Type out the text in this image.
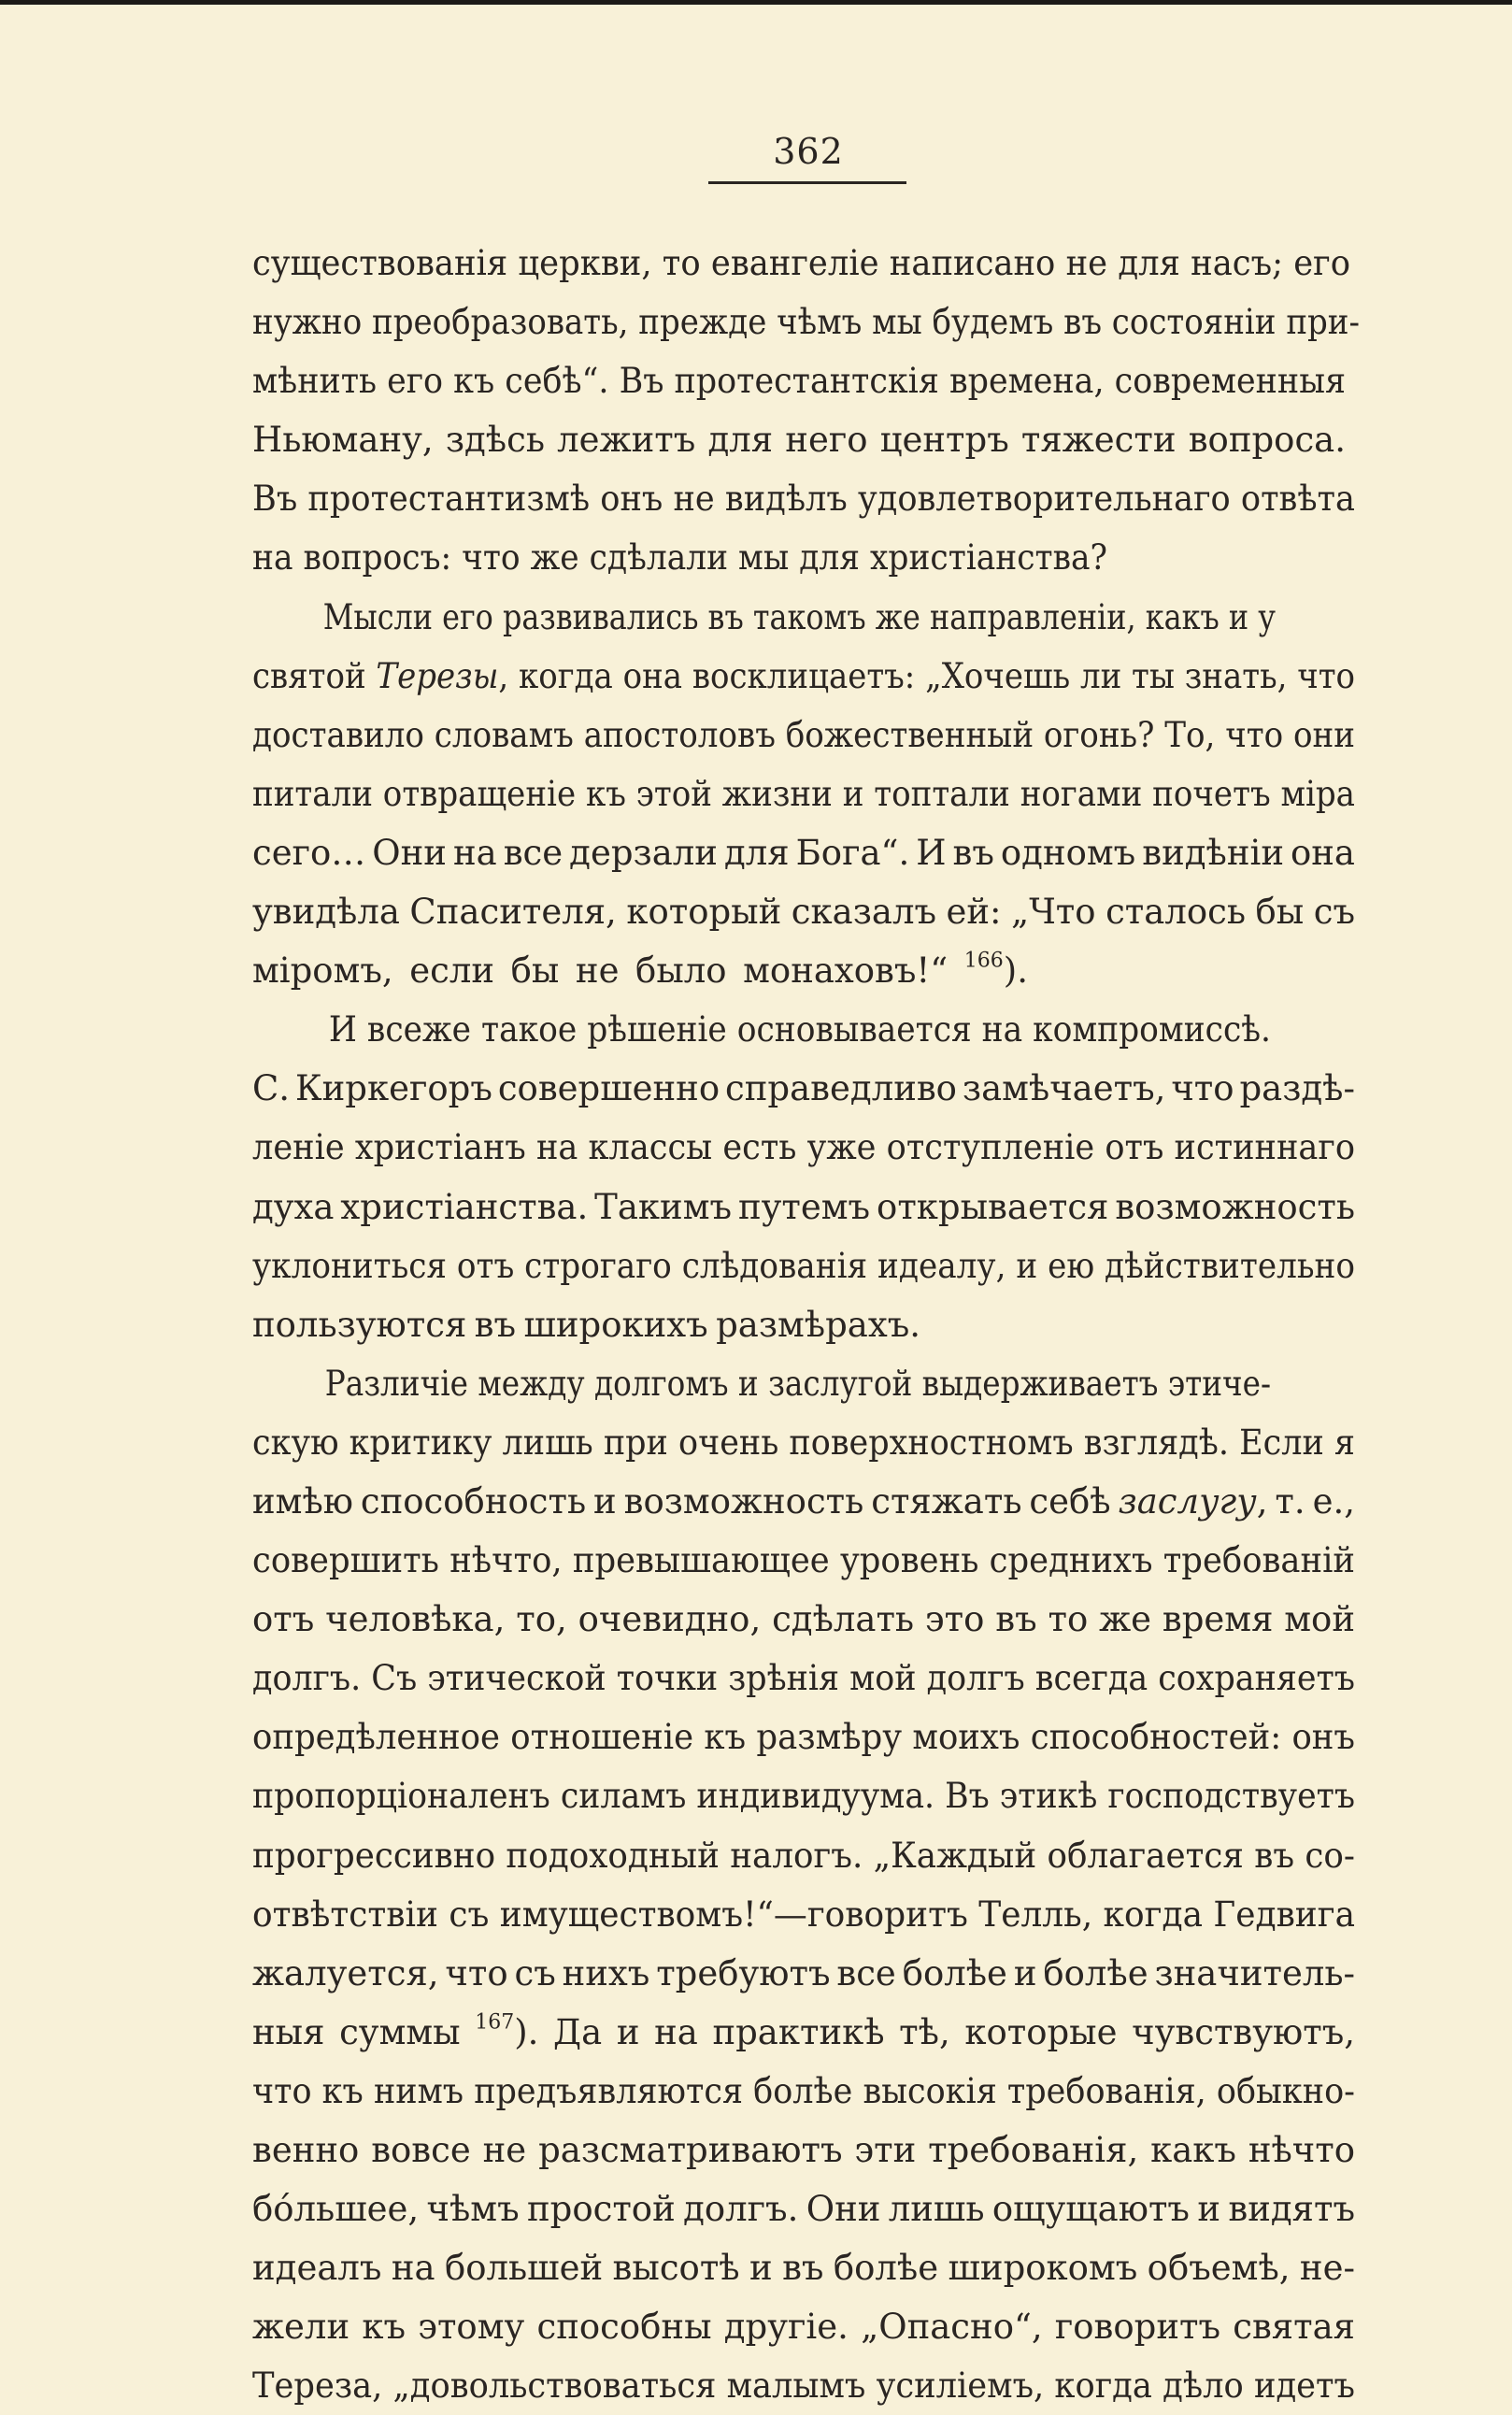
362
существованія церкви, то евангеліе написано не для насъ; его
нужно преобразовать, прежде чѣмъ мы будемъ въ состояніи при-
мѣнить его къ себѣ“. Въ протестантскія времена, современныя
Ньюману, здѣсь лежитъ для него центръ тяжести вопроса.
Въ протестантизмѣ онъ не видѣлъ удовлетворительнаго отвѣта
на вопросъ: что же сдѣлали мы для христіанства?
Мысли его развивались въ такомъ же направленіи, какъ и у
святой Терезы, когда она восклицаетъ: „Хочешь ли ты знать, что
доставило словамъ апостоловъ божественный огонь? То, что они
питали отвращеніе къ этой жизни и топтали ногами почетъ міра
сего… Они на все дерзали для Бога“. И въ одномъ видѣніи она
увидѣла Спасителя, который сказалъ ей: „Что сталось бы съ
міромъ, если бы не было монаховъ!“ $^{166}$).
И всеже такое рѣшеніе основывается на компромиссѣ.
С. Киркегоръ совершенно справедливо замѣчаетъ, что раздѣ-
леніе христіанъ на классы есть уже отступленіе отъ истиннаго
духа христіанства. Такимъ путемъ открывается возможность
уклониться отъ строгаго слѣдованія идеалу, и ею дѣйствительно
пользуются въ широкихъ размѣрахъ.
Различіе между долгомъ и заслугой выдерживаетъ этиче-
скую критику лишь при очень поверхностномъ взглядѣ. Если я
имѣю способность и возможность стяжать себѣ заслугу, т. е.,
совершить нѣчто, превышающее уровень среднихъ требованій
отъ человѣка, то, очевидно, сдѣлать это въ то же время мой
долгъ. Съ этической точки зрѣнія мой долгъ всегда сохраняетъ
опредѣленное отношеніе къ размѣру моихъ способностей: онъ
пропорціоналенъ силамъ индивидуума. Въ этикѣ господствуетъ
прогрессивно подоходный налогъ. „Каждый облагается въ со-
отвѣтствіи съ имуществомъ!“—говоритъ Телль, когда Гедвига
жалуется, что съ нихъ требуютъ все болѣе и болѣе значитель-
ныя суммы $^{167}$). Да и на практикѣ тѣ, которые чувствуютъ,
что къ нимъ предъявляются болѣе высокія требованія, обыкно-
венно вовсе не разсматриваютъ эти требованія, какъ нѣчто
бóльшее, чѣмъ простой долгъ. Они лишь ощущаютъ и видятъ
идеалъ на большей высотѣ и въ болѣе широкомъ объемѣ, не-
жели къ этому способны другіе. „Опасно“, говоритъ святая
Тереза, „довольствоваться малымъ усиліемъ, когда дѣло идетъ
